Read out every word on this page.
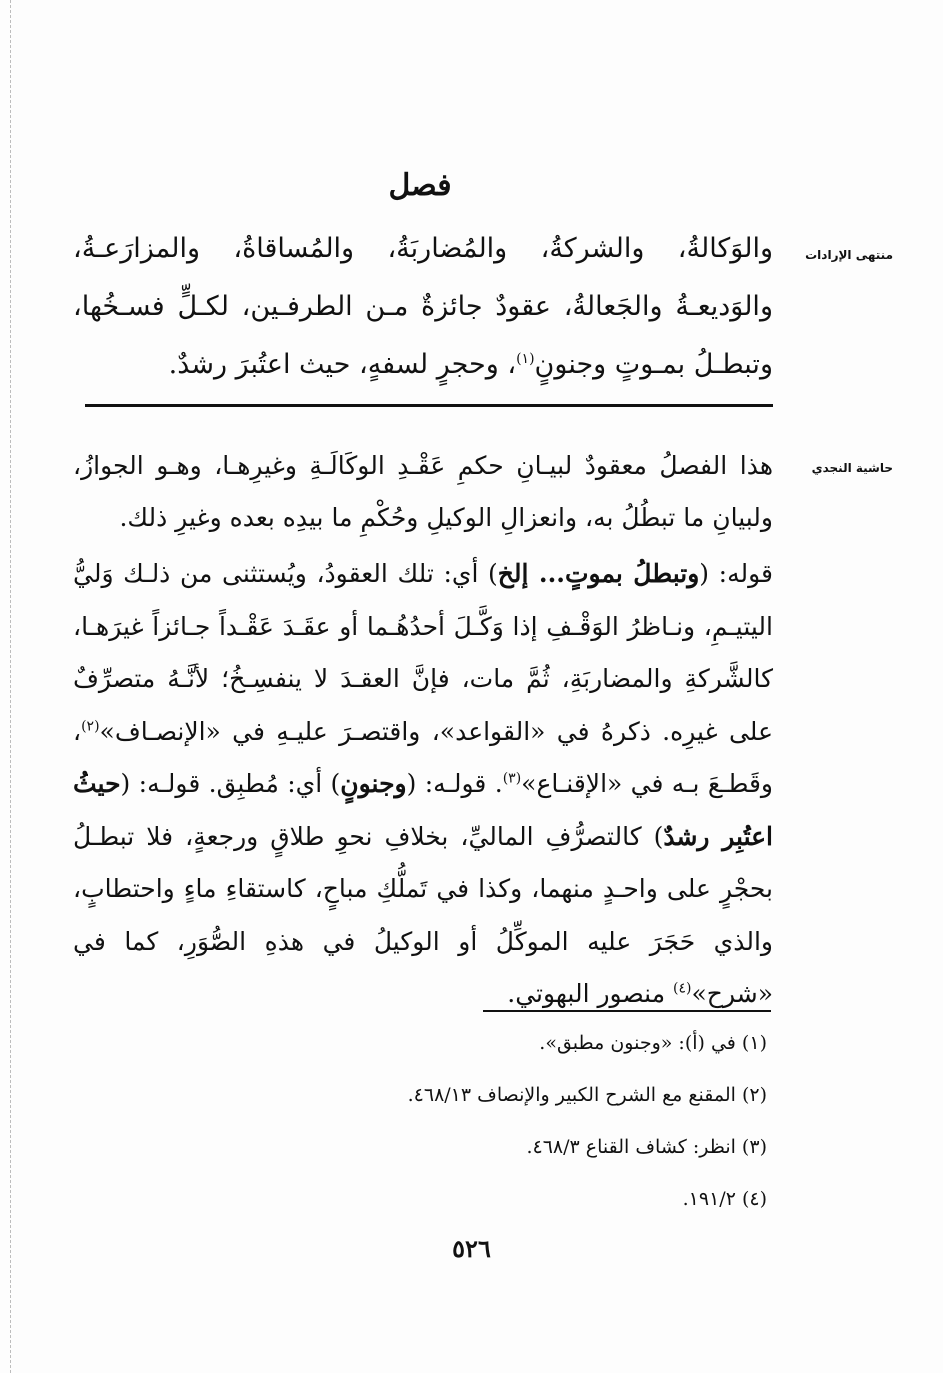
فصل
منتهى الإرادات
والوَكالةُ، والشركةُ، والمُضاربَةُ، والمُساقاةُ، والمزارَعـةُ، والوَديعـةُ والجَعالةُ، عقودٌ جائزةٌ مـن الطرفـين، لكـلٍّ فسـخُها، وتبطـلُ بمـوتٍ وجنونٍ$^{(١)}$، وحجرٍ لسفهٍ، حيث اعتُبرَ رشدٌ.
حاشية النجدي
هذا الفصلُ معقودٌ لبيـانِ حكمِ عَقْـدِ الوكَالَـةِ وغيرِهـا، وهـو الجوازُ، ولبيانِ ما تبطُلُ به، وانعزالِ الوكيلِ وحُكْمِ ما بيدِه بعده وغيرِ ذلك.
قوله: (وتبطلُ بموتٍ... إلخ) أي: تلك العقودُ، ويُستثنى من ذلـك وَليُّ اليتيـمِ، ونـاظرُ الوَقْـفِ إذا وَكَّـلَ أحدُهُـما أو عقَـدَ عَقْـداً جـائزاً غيرَهـا، كالشَّركةِ والمضاربَةِ، ثُمَّ مات، فإنَّ العقـدَ لا ينفسِـخُ؛ لأنَّـهُ متصرِّفٌ على غيرِه. ذكرهُ في «القواعد»، واقتصـرَ عليـهِ في «الإنصـاف»$^{(٢)}$، وقَطـعَ بـه في «الإقنـاع»$^{(٣)}$. قولـه: (وجنونٍ) أي: مُطبِق. قولـه: (حيثُ اعتُبِر رشدٌ) كالتصرُّفِ الماليِّ، بخلافِ نحوِ طلاقٍ ورجعةٍ، فلا تبطـلُ بحجْرٍ على واحـدٍ منهما، وكذا في تَملُّكِ مباحٍ، كاستقاءِ ماءٍ واحتطابٍ، والذي حَجَرَ عليه الموكِّلُ أو الوكيلُ في هذهِ الصُّوَرِ، كما في «شرح»$^{(٤)}$ منصور البهوتي.
(١) في (أ): «وجنون مطبق».
(٢) المقنع مع الشرح الكبير والإنصاف ٤٦٨/١٣.
(٣) انظر: كشاف القناع ٤٦٨/٣.
(٤) ١٩١/٢.
٥٢٦
